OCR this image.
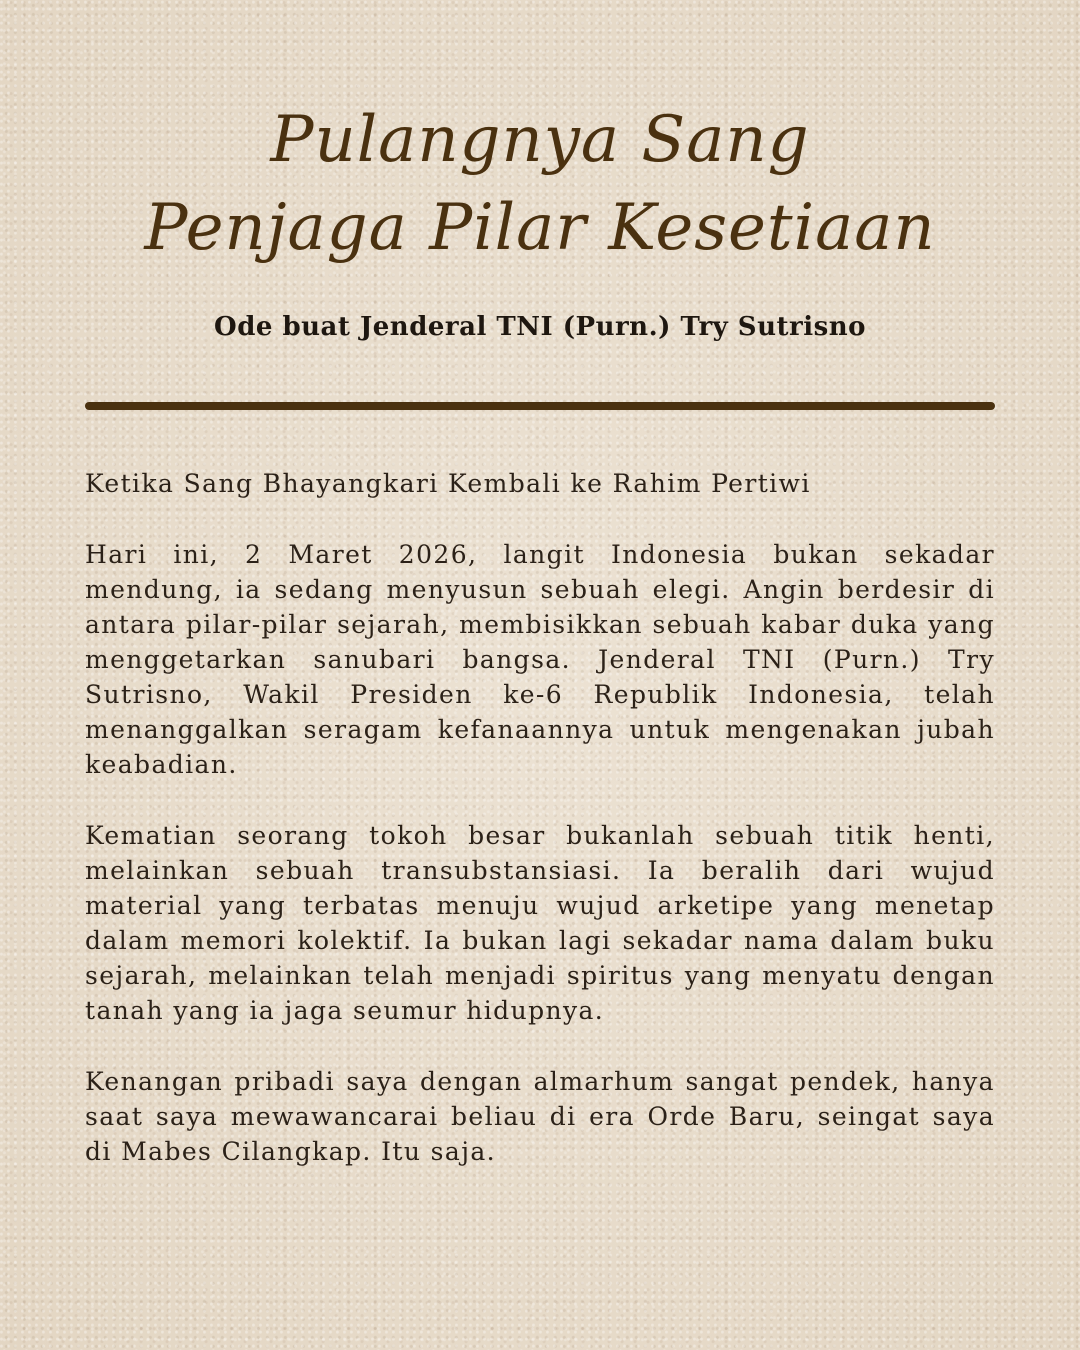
Pulangnya Sang
Penjaga Pilar Kesetiaan
Ode buat Jenderal TNI (Purn.) Try Sutrisno

Ketika Sang Bhayangkari Kembali ke Rahim Pertiwi

Hari ini, 2 Maret 2026, langit Indonesia bukan sekadar mendung, ia sedang menyusun sebuah elegi. Angin berdesir di antara pilar-pilar sejarah, membisikkan sebuah kabar duka yang menggetarkan sanubari bangsa. Jenderal TNI (Purn.) Try Sutrisno, Wakil Presiden ke-6 Republik Indonesia, telah menanggalkan seragam kefanaannya untuk mengenakan jubah keabadian.

Kematian seorang tokoh besar bukanlah sebuah titik henti, melainkan sebuah transubstansiasi. Ia beralih dari wujud material yang terbatas menuju wujud arketipe yang menetap dalam memori kolektif. Ia bukan lagi sekadar nama dalam buku sejarah, melainkan telah menjadi spiritus yang menyatu dengan tanah yang ia jaga seumur hidupnya.

Kenangan pribadi saya dengan almarhum sangat pendek, hanya saat saya mewawancarai beliau di era Orde Baru, seingat saya di Mabes Cilangkap. Itu saja.
